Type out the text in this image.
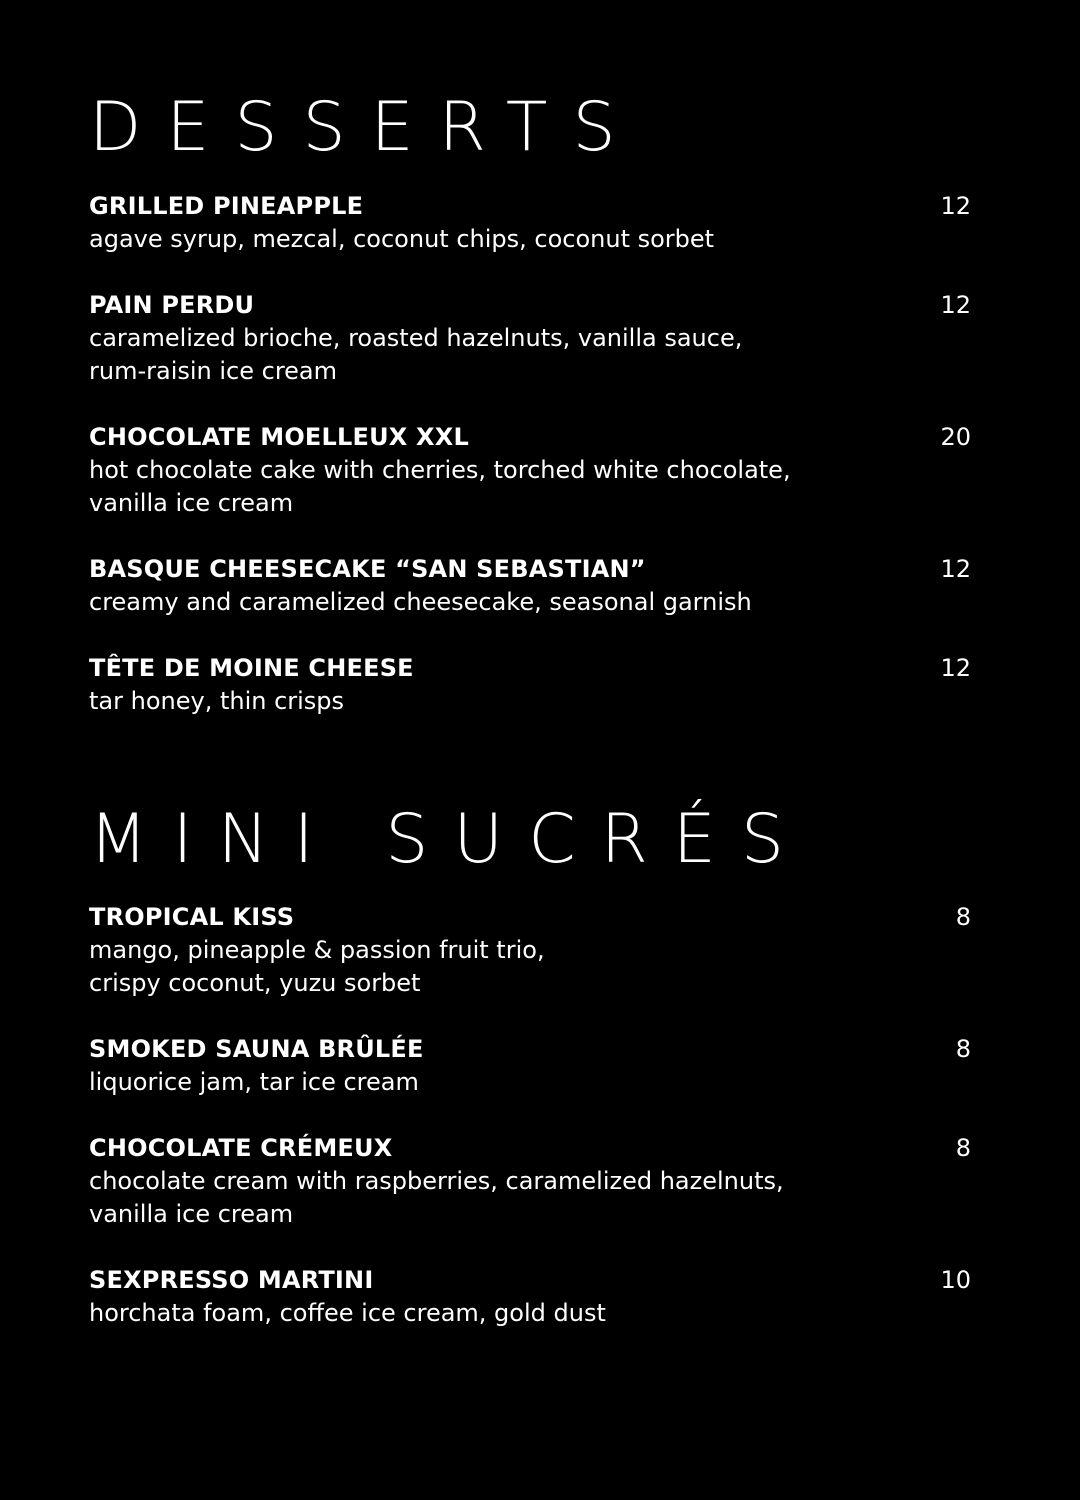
DESSERTS
GRILLED PINEAPPLE	12
agave syrup, mezcal, coconut chips, coconut sorbet
PAIN PERDU	12
caramelized brioche, roasted hazelnuts, vanilla sauce,
rum-raisin ice cream
CHOCOLATE MOELLEUX XXL	20
hot chocolate cake with cherries, torched white chocolate,
vanilla ice cream
BASQUE CHEESECAKE “SAN SEBASTIAN”	12
creamy and caramelized cheesecake, seasonal garnish
TÊTE DE MOINE CHEESE	12
tar honey, thin crisps
MINI SUCRÉS
TROPICAL KISS	8
mango, pineapple & passion fruit trio,
crispy coconut, yuzu sorbet
SMOKED SAUNA BRÛLÉE	8
liquorice jam, tar ice cream
CHOCOLATE CRÉMEUX	8
chocolate cream with raspberries, caramelized hazelnuts,
vanilla ice cream
SEXPRESSO MARTINI	10
horchata foam, coffee ice cream, gold dust
